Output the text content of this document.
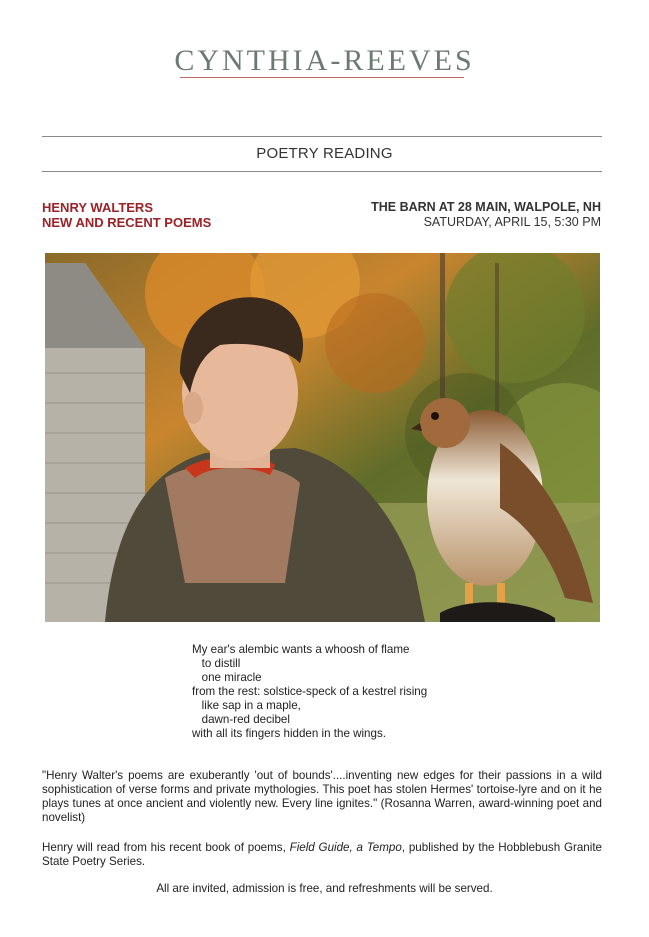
CYNTHIA-REEVES
POETRY READING
HENRY WALTERS
NEW AND RECENT POEMS
THE BARN AT 28 MAIN, WALPOLE, NH
SATURDAY, APRIL 15, 5:30 PM
My ear's alembic wants a whoosh of flame
to distill
one miracle
from the rest: solstice-speck of a kestrel rising
like sap in a maple,
dawn-red decibel
with all its fingers hidden in the wings.
"Henry Walter's poems are exuberantly 'out of bounds'....inventing new edges for their passions in a wild sophistication of verse forms and private mythologies. This poet has stolen Hermes' tortoise-lyre and on it he plays tunes at once ancient and violently new. Every line ignites." (Rosanna Warren, award-winning poet and novelist)
Henry will read from his recent book of poems, Field Guide, a Tempo, published by the Hobblebush Granite State Poetry Series.
All are invited, admission is free, and refreshments will be served.
